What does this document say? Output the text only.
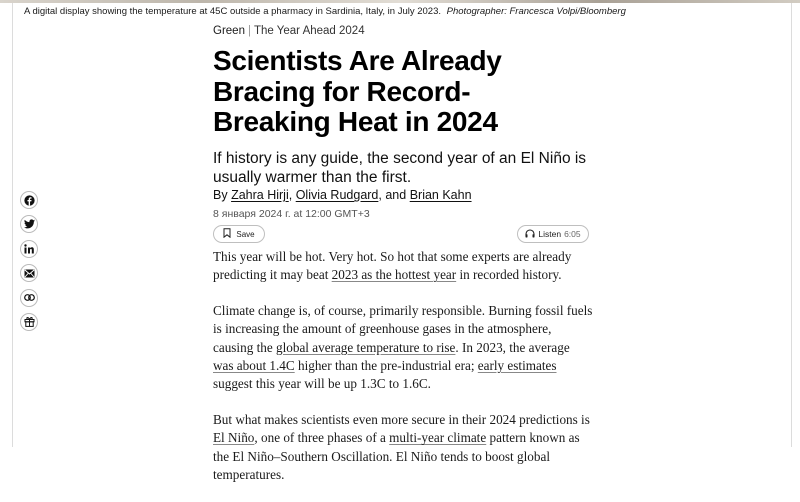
A digital display showing the temperature at 45C outside a pharmacy in Sardinia, Italy, in July 2023. Photographer: Francesca Volpi/Bloomberg
Green | The Year Ahead 2024
Scientists Are Already Bracing for Record-Breaking Heat in 2024

If history is any guide, the second year of an El Niño is usually warmer than the first.

By Zahra Hirji, Olivia Rudgard, and Brian Kahn
8 января 2024 г. at 12:00 GMT+3
Save	Listen 6:05

This year will be hot. Very hot. So hot that some experts are already predicting it may beat 2023 as the hottest year in recorded history.

Climate change is, of course, primarily responsible. Burning fossil fuels is increasing the amount of greenhouse gases in the atmosphere, causing the global average temperature to rise. In 2023, the average was about 1.4C higher than the pre-industrial era; early estimates suggest this year will be up 1.3C to 1.6C.

But what makes scientists even more secure in their 2024 predictions is El Niño, one of three phases of a multi-year climate pattern known as the El Niño–Southern Oscillation. El Niño tends to boost global temperatures.
